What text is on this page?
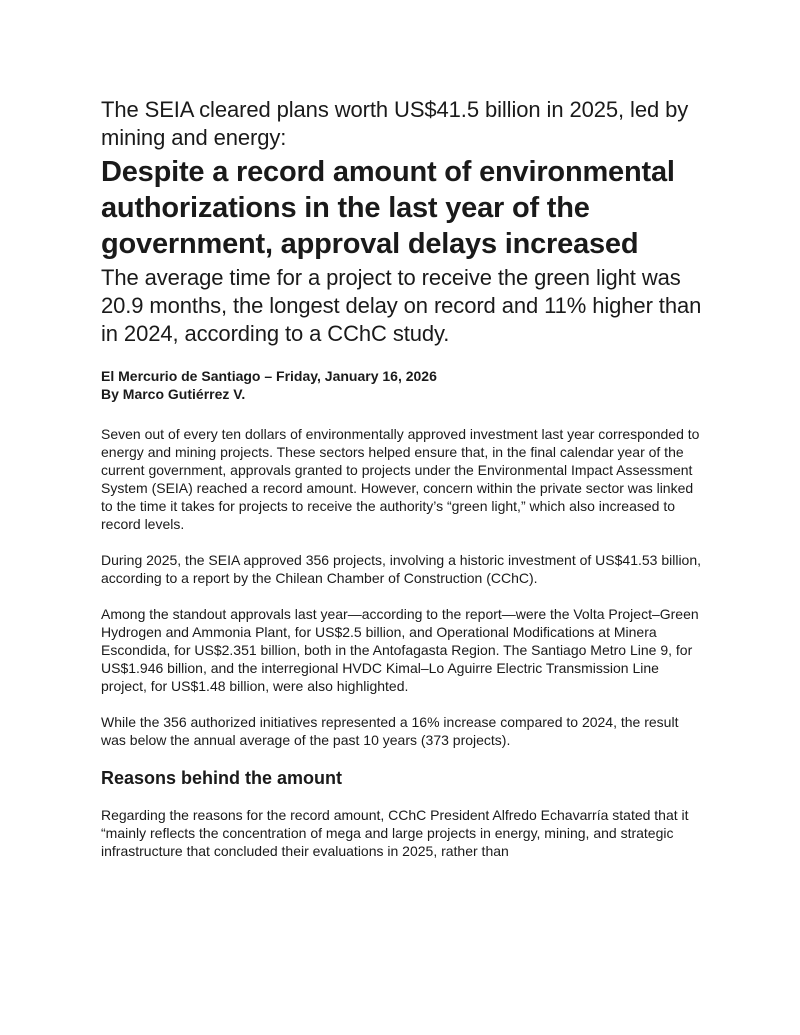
The SEIA cleared plans worth US$41.5 billion in 2025, led by mining and energy:

Despite a record amount of environmental authorizations in the last year of the government, approval delays increased

The average time for a project to receive the green light was 20.9 months, the longest delay on record and 11% higher than in 2024, according to a CChC study.

El Mercurio de Santiago – Friday, January 16, 2026
By Marco Gutiérrez V.

Seven out of every ten dollars of environmentally approved investment last year corresponded to energy and mining projects. These sectors helped ensure that, in the final calendar year of the current government, approvals granted to projects under the Environmental Impact Assessment System (SEIA) reached a record amount. However, concern within the private sector was linked to the time it takes for projects to receive the authority’s “green light,” which also increased to record levels.

During 2025, the SEIA approved 356 projects, involving a historic investment of US$41.53 billion, according to a report by the Chilean Chamber of Construction (CChC).

Among the standout approvals last year—according to the report—were the Volta Project–Green Hydrogen and Ammonia Plant, for US$2.5 billion, and Operational Modifications at Minera Escondida, for US$2.351 billion, both in the Antofagasta Region. The Santiago Metro Line 9, for US$1.946 billion, and the interregional HVDC Kimal–Lo Aguirre Electric Transmission Line project, for US$1.48 billion, were also highlighted.

While the 356 authorized initiatives represented a 16% increase compared to 2024, the result was below the annual average of the past 10 years (373 projects).

Reasons behind the amount

Regarding the reasons for the record amount, CChC President Alfredo Echavarría stated that it “mainly reflects the concentration of mega and large projects in energy, mining, and strategic infrastructure that concluded their evaluations in 2025, rather than
